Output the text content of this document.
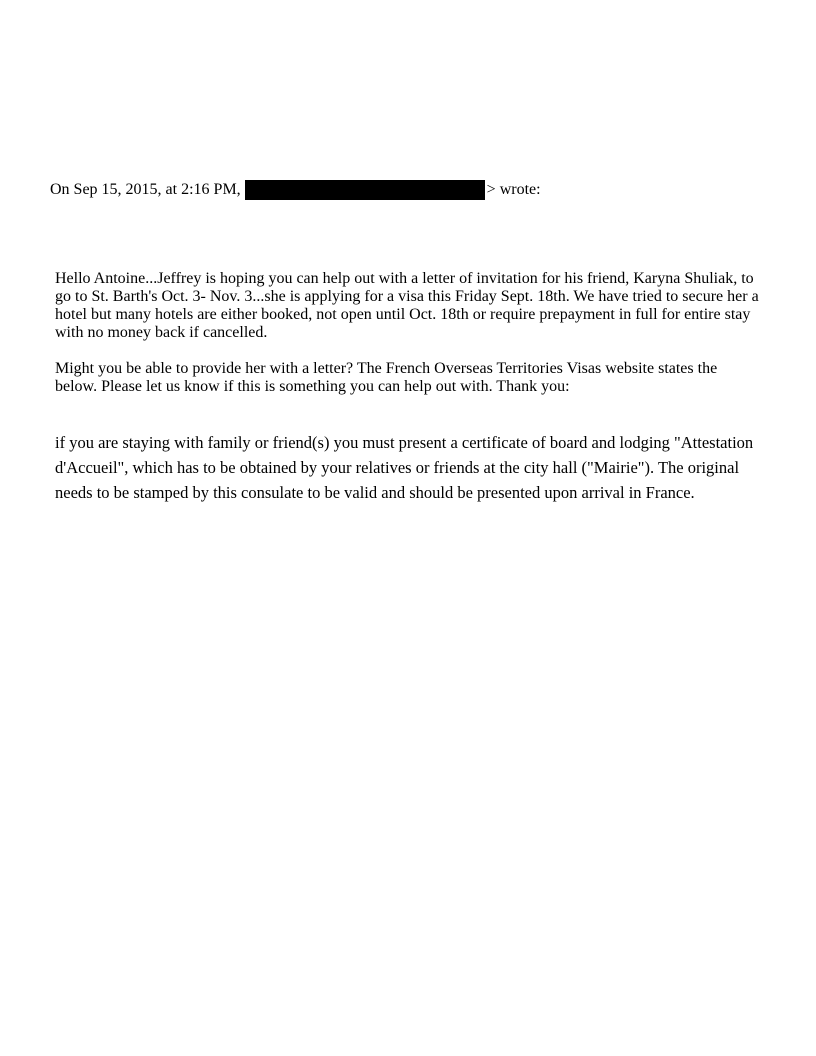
On Sep 15, 2015, at 2:16 PM,	> wrote:

Hello Antoine...Jeffrey is hoping you can help out with a letter of invitation for his friend, Karyna Shuliak, to go to St. Barth's Oct. 3- Nov. 3...she is applying for a visa this Friday Sept. 18th. We have tried to secure her a hotel but many hotels are either booked, not open until Oct. 18th or require prepayment in full for entire stay with no money back if cancelled.

Might you be able to provide her with a letter? The French Overseas Territories Visas website states the below. Please let us know if this is something you can help out with. Thank you:

if you are staying with family or friend(s) you must present a certificate of board and lodging "Attestation d'Accueil", which has to be obtained by your relatives or friends at the city hall ("Mairie"). The original needs to be stamped by this consulate to be valid and should be presented upon arrival in France.
